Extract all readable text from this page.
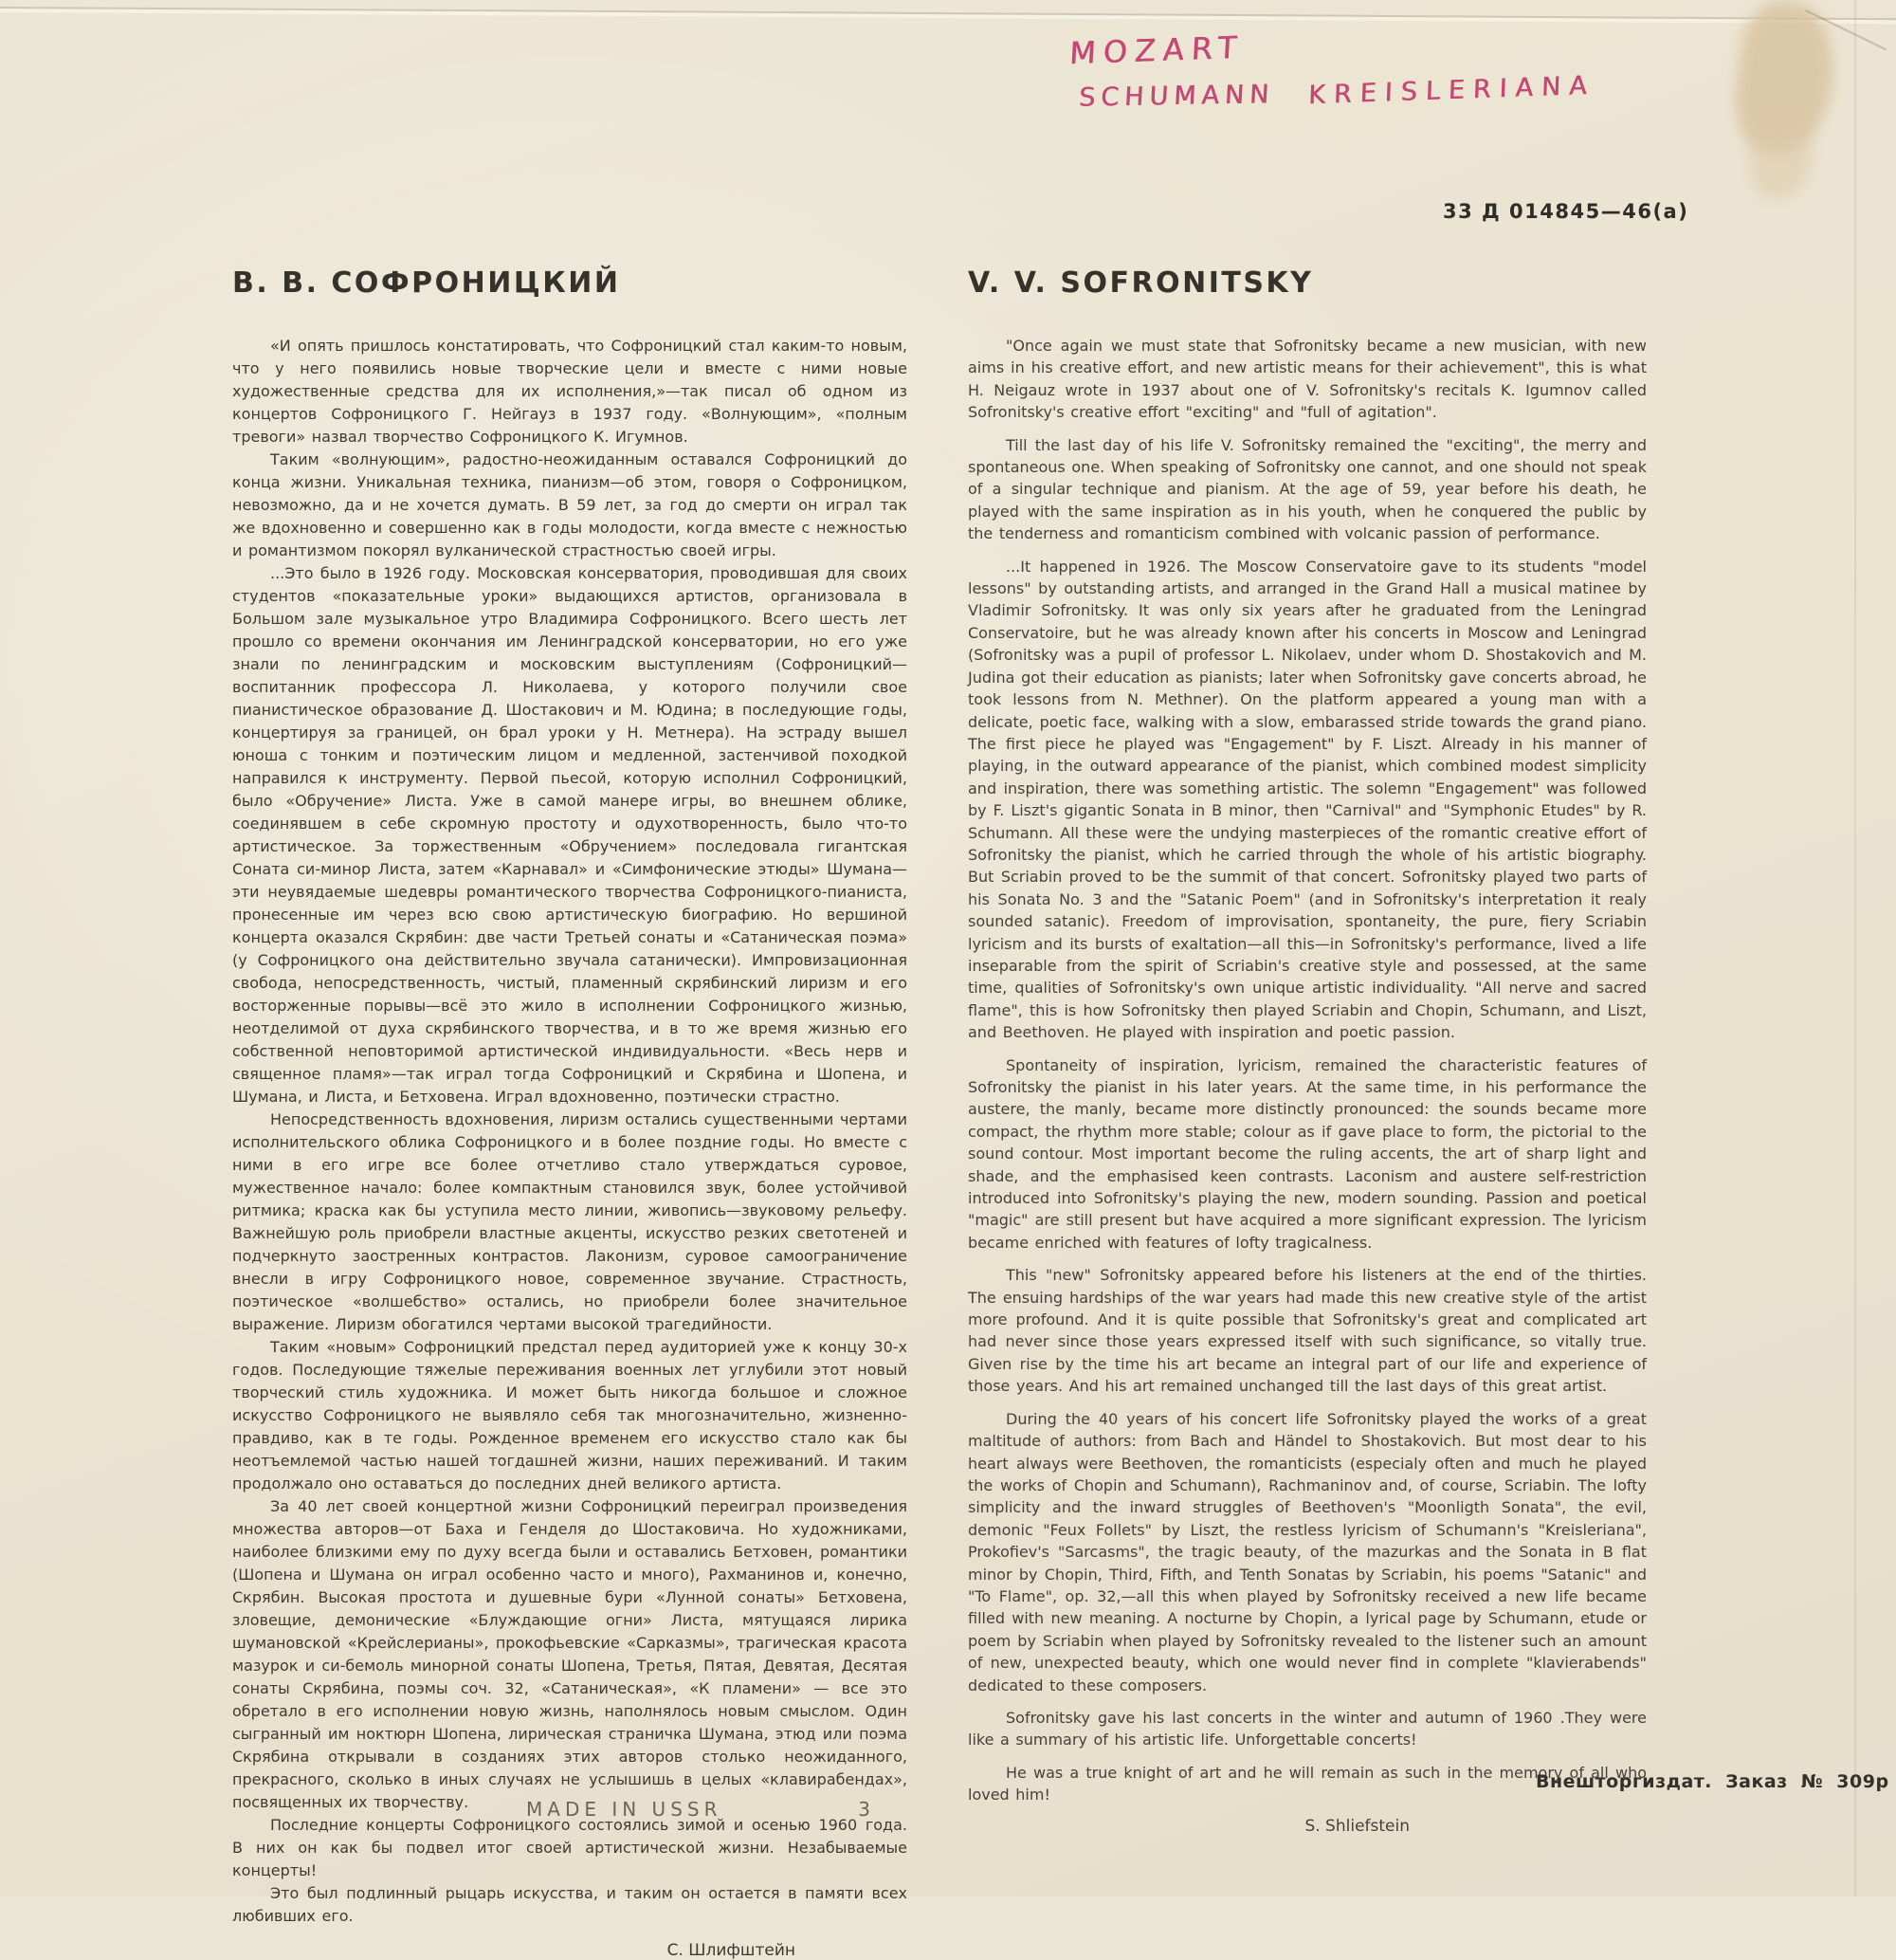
MOZART
SCHUMANN KREISLERIANA
33 Д 014845—46(a)
В. В. СОФРОНИЦКИЙ

«И опять пришлось констатировать, что Софроницкий стал каким-то новым, что у него появились новые творческие цели и вместе с ними новые художественные средства для их исполнения,»—так писал об одном из концертов Софроницкого Г. Нейгауз в 1937 году. «Волнующим», «полным тревоги» назвал творчество Софроницкого К. Игумнов.

Таким «волнующим», радостно-неожиданным оставался Софроницкий до конца жизни. Уникальная техника, пианизм—об этом, говоря о Софроницком, невозможно, да и не хочется думать. В 59 лет, за год до смерти он играл так же вдохновенно и совершенно как в годы молодости, когда вместе с нежностью и романтизмом покорял вулканической страстностью своей игры.

...Это было в 1926 году. Московская консерватория, проводившая для своих студентов «показательные уроки» выдающихся артистов, организовала в Большом зале музыкальное утро Владимира Софроницкого. Всего шесть лет прошло со времени окончания им Ленинградской консерватории, но его уже знали по ленинградским и московским выступлениям (Софроницкий—воспитанник профессора Л. Николаева, у которого получили свое пианистическое образование Д. Шостакович и М. Юдина; в последующие годы, концертируя за границей, он брал уроки у Н. Метнера). На эстраду вышел юноша с тонким и поэтическим лицом и медленной, застенчивой походкой направился к инструменту. Первой пьесой, которую исполнил Софроницкий, было «Обручение» Листа. Уже в самой манере игры, во внешнем облике, соединявшем в себе скромную простоту и одухотворенность, было что-то артистическое. За торжественным «Обручением» последовала гигантская Соната си-минор Листа, затем «Карнавал» и «Симфонические этюды» Шумана—эти неувядаемые шедевры романтического творчества Софроницкого-пианиста, пронесенные им через всю свою артистическую биографию. Но вершиной концерта оказался Скрябин: две части Третьей сонаты и «Сатаническая поэма» (у Софроницкого она действительно звучала сатанически). Импровизационная свобода, непосредственность, чистый, пламенный скрябинский лиризм и его восторженные порывы—всё это жило в исполнении Софроницкого жизнью, неотделимой от духа скрябинского творчества, и в то же время жизнью его собственной неповторимой артистической индивидуальности. «Весь нерв и священное пламя»—так играл тогда Софроницкий и Скрябина и Шопена, и Шумана, и Листа, и Бетховена. Играл вдохновенно, поэтически страстно.

Непосредственность вдохновения, лиризм остались существенными чертами исполнительского облика Софроницкого и в более поздние годы. Но вместе с ними в его игре все более отчетливо стало утверждаться суровое, мужественное начало: более компактным становился звук, более устойчивой ритмика; краска как бы уступила место линии, живопись—звуковому рельефу. Важнейшую роль приобрели властные акценты, искусство резких светотеней и подчеркнуто заостренных контрастов. Лаконизм, суровое самоограничение внесли в игру Софроницкого новое, современное звучание. Страстность, поэтическое «волшебство» остались, но приобрели более значительное выражение. Лиризм обогатился чертами высокой трагедийности.

Таким «новым» Софроницкий предстал перед аудиторией уже к концу 30-х годов. Последующие тяжелые переживания военных лет углубили этот новый творческий стиль художника. И может быть никогда большое и сложное искусство Софроницкого не выявляло себя так многозначительно, жизненно-правдиво, как в те годы. Рожденное временем его искусство стало как бы неотъемлемой частью нашей тогдашней жизни, наших переживаний. И таким продолжало оно оставаться до последних дней великого артиста.

За 40 лет своей концертной жизни Софроницкий переиграл произведения множества авторов—от Баха и Генделя до Шостаковича. Но художниками, наиболее близкими ему по духу всегда были и оставались Бетховен, романтики (Шопена и Шумана он играл особенно часто и много), Рахманинов и, конечно, Скрябин. Высокая простота и душевные бури «Лунной сонаты» Бетховена, зловещие, демонические «Блуждающие огни» Листа, мятущаяся лирика шумановской «Крейслерианы», прокофьевские «Сарказмы», трагическая красота мазурок и си-бемоль минорной сонаты Шопена, Третья, Пятая, Девятая, Десятая сонаты Скрябина, поэмы соч. 32, «Сатаническая», «К пламени» — все это обретало в его исполнении новую жизнь, наполнялось новым смыслом. Один сыгранный им ноктюрн Шопена, лирическая страничка Шумана, этюд или поэма Скрябина открывали в созданиях этих авторов столько неожиданного, прекрасного, сколько в иных случаях не услышишь в целых «клавирабендах», посвященных их творчеству.

Последние концерты Софроницкого состоялись зимой и осенью 1960 года. В них он как бы подвел итог своей артистической жизни. Незабываемые концерты!

Это был подлинный рыцарь искусства, и таким он остается в памяти всех любивших его.

С. Шлифштейн
V. V. SOFRONITSKY

"Once again we must state that Sofronitsky became a new musician, with new aims in his creative effort, and new artistic means for their achievement", this is what H. Neigauz wrote in 1937 about one of V. Sofronitsky's recitals K. Igumnov called Sofronitsky's creative effort "exciting" and "full of agitation".

Till the last day of his life V. Sofronitsky remained the "exciting", the merry and spontaneous one. When speaking of Sofronitsky one cannot, and one should not speak of a singular technique and pianism. At the age of 59, year before his death, he played with the same inspiration as in his youth, when he conquered the public by the tenderness and romanticism combined with volcanic passion of performance.

...It happened in 1926. The Moscow Conservatoire gave to its students "model lessons" by outstanding artists, and arranged in the Grand Hall a musical matinee by Vladimir Sofronitsky. It was only six years after he graduated from the Leningrad Conservatoire, but he was already known after his concerts in Moscow and Leningrad (Sofronitsky was a pupil of professor L. Nikolaev, under whom D. Shostakovich and M. Judina got their education as pianists; later when Sofronitsky gave concerts abroad, he took lessons from N. Methner). On the platform appeared a young man with a delicate, poetic face, walking with a slow, embarassed stride towards the grand piano. The first piece he played was "Engagement" by F. Liszt. Already in his manner of playing, in the outward appearance of the pianist, which combined modest simplicity and inspiration, there was something artistic. The solemn "Engagement" was followed by F. Liszt's gigantic Sonata in B minor, then "Carnival" and "Symphonic Etudes" by R. Schumann. All these were the undying masterpieces of the romantic creative effort of Sofronitsky the pianist, which he carried through the whole of his artistic biography. But Scriabin proved to be the summit of that concert. Sofronitsky played two parts of his Sonata No. 3 and the "Satanic Poem" (and in Sofronitsky's interpretation it realy sounded satanic). Freedom of improvisation, spontaneity, the pure, fiery Scriabin lyricism and its bursts of exaltation—all this—in Sofronitsky's performance, lived a life inseparable from the spirit of Scriabin's creative style and possessed, at the same time, qualities of Sofronitsky's own unique artistic individuality. "All nerve and sacred flame", this is how Sofronitsky then played Scriabin and Chopin, Schumann, and Liszt, and Beethoven. He played with inspiration and poetic passion.

Spontaneity of inspiration, lyricism, remained the characteristic features of Sofronitsky the pianist in his later years. At the same time, in his performance the austere, the manly, became more distinctly pronounced: the sounds became more compact, the rhythm more stable; colour as if gave place to form, the pictorial to the sound contour. Most important become the ruling accents, the art of sharp light and shade, and the emphasised keen contrasts. Laconism and austere self-restriction introduced into Sofronitsky's playing the new, modern sounding. Passion and poetical "magic" are still present but have acquired a more significant expression. The lyricism became enriched with features of lofty tragicalness.

This "new" Sofronitsky appeared before his listeners at the end of the thirties. The ensuing hardships of the war years had made this new creative style of the artist more profound. And it is quite possible that Sofronitsky's great and complicated art had never since those years expressed itself with such significance, so vitally true. Given rise by the time his art became an integral part of our life and experience of those years. And his art remained unchanged till the last days of this great artist.

During the 40 years of his concert life Sofronitsky played the works of a great maltitude of authors: from Bach and Händel to Shostakovich. But most dear to his heart always were Beethoven, the romanticists (especialy often and much he played the works of Chopin and Schumann), Rachmaninov and, of course, Scriabin. The lofty simplicity and the inward struggles of Beethoven's "Moonligth Sonata", the evil, demonic "Feux Follets" by Liszt, the restless lyricism of Schumann's "Kreisleriana", Prokofiev's "Sarcasms", the tragic beauty, of the mazurkas and the Sonata in B flat minor by Chopin, Third, Fifth, and Tenth Sonatas by Scriabin, his poems "Satanic" and "To Flame", op. 32,—all this when played by Sofronitsky received a new life became filled with new meaning. A nocturne by Chopin, a lyrical page by Schumann, etude or poem by Scriabin when played by Sofronitsky revealed to the listener such an amount of new, unexpected beauty, which one would never find in complete "klavierabends" dedicated to these composers.

Sofronitsky gave his last concerts in the winter and autumn of 1960 .They were like a summary of his artistic life. Unforgettable concerts!

He was a true knight of art and he will remain as such in the memory of all who loved him!

S. Shliefstein
MADE IN USSR	3
Внешторгиздат. Заказ № 309р
